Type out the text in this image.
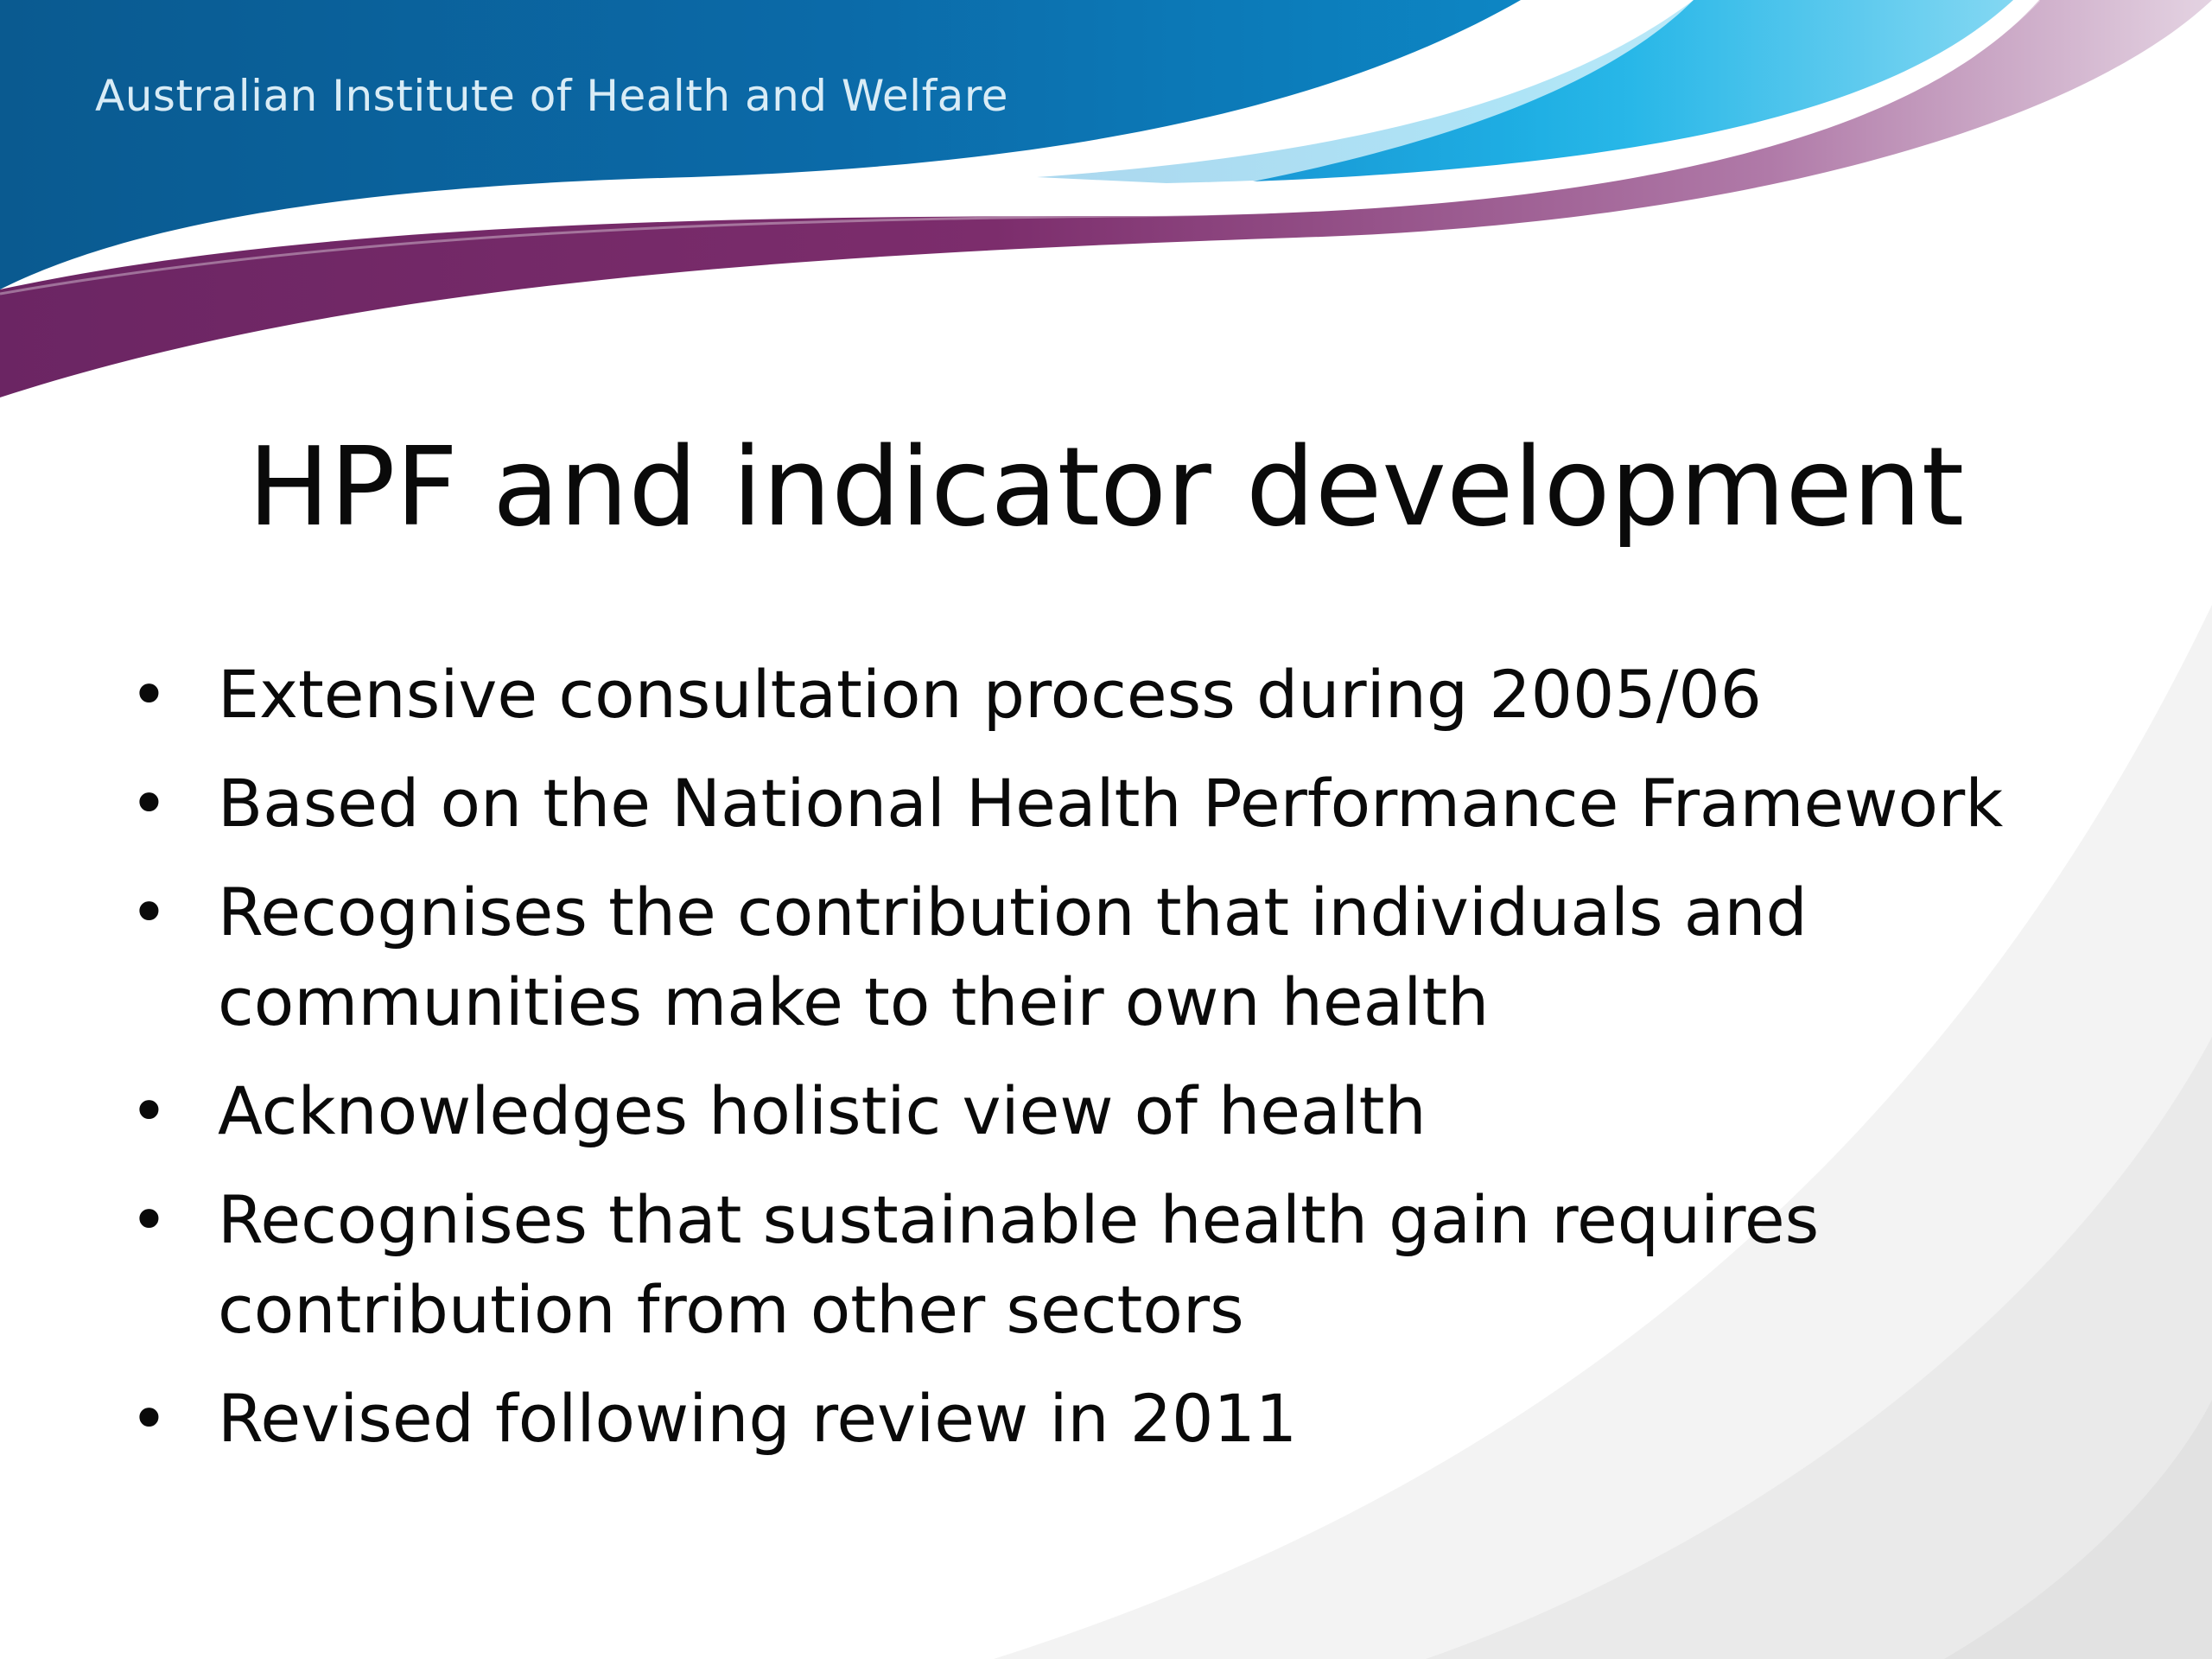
Australian Institute of Health and Welfare
HPF and indicator development
• Extensive consultation process during 2005/06
• Based on the National Health Performance Framework
• Recognises the contribution that individuals and
communities make to their own health
• Acknowledges holistic view of health
• Recognises that sustainable health gain requires
contribution from other sectors
• Revised following review in 2011
